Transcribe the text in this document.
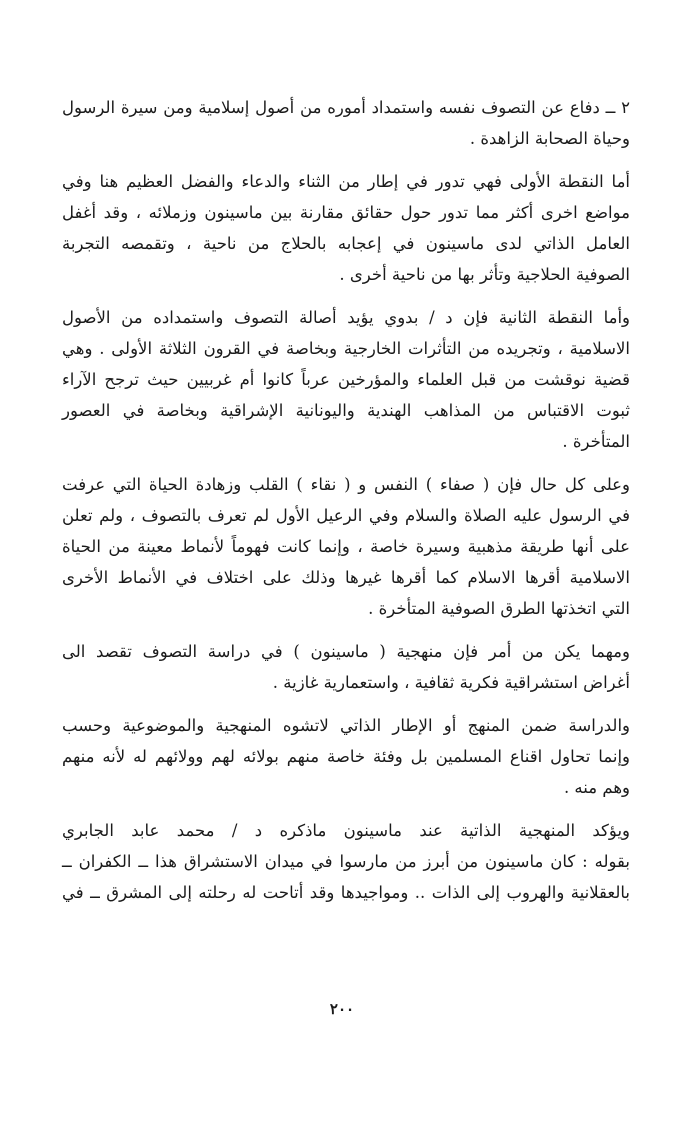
٢ ــ دفاع عن التصوف نفسه واستمداد أموره من أصول إسلامية ومن سيرة الرسول
وحياة الصحابة الزاهدة .
أما النقطة الأولى فهي تدور في إطار من الثناء والدعاء والفضل العظيم هنا وفي
مواضع اخرى أكثر مما تدور حول حقائق مقارنة بين ماسينون وزملائه ، وقد أغفل
العامل الذاتي لدى ماسينون في إعجابه بالحلاج من ناحية ، وتقمصه التجربة
الصوفية الحلاجية وتأثر بها من ناحية أخرى .
وأما النقطة الثانية فإن د / بدوي يؤيد أصالة التصوف واستمداده من الأصول
الاسلامية ، وتجريده من التأثرات الخارجية وبخاصة في القرون الثلاثة الأولى . وهي
قضية نوقشت من قبل العلماء والمؤرخين عرباً كانوا أم غربيين حيث ترجح الآراء
ثبوت الاقتباس من المذاهب الهندية واليونانية الإشراقية وبخاصة في العصور
المتأخرة .
وعلى كل حال فإن ( صفاء ) النفس و ( نقاء ) القلب وزهادة الحياة التي عرفت
في الرسول عليه الصلاة والسلام وفي الرعيل الأول لم تعرف بالتصوف ، ولم تعلن
على أنها طريقة مذهبية وسيرة خاصة ، وإنما كانت فهوماً لأنماط معينة من الحياة
الاسلامية أقرها الاسلام كما أقرها غيرها وذلك على اختلاف في الأنماط الأخرى
التي اتخذتها الطرق الصوفية المتأخرة .
ومهما يكن من أمر فإن منهجية ( ماسينون ) في دراسة التصوف تقصد الى
أغراض استشراقية فكرية ثقافية ، واستعمارية غازية .
والدراسة ضمن المنهج أو الإطار الذاتي لاتشوه المنهجية والموضوعية وحسب
وإنما تحاول اقناع المسلمين بل وفئة خاصة منهم بولائه لهم وولائهم له لأنه منهم
وهم منه .
ويؤكد المنهجية الذاتية عند ماسينون ماذكره د / محمد عابد الجابري
بقوله : كان ماسينون من أبرز من مارسوا في ميدان الاستشراق هذا ــ الكفران ــ
بالعقلانية والهروب إلى الذات .. ومواجيدها وقد أتاحت له رحلته إلى المشرق ــ في
٢٠٠
